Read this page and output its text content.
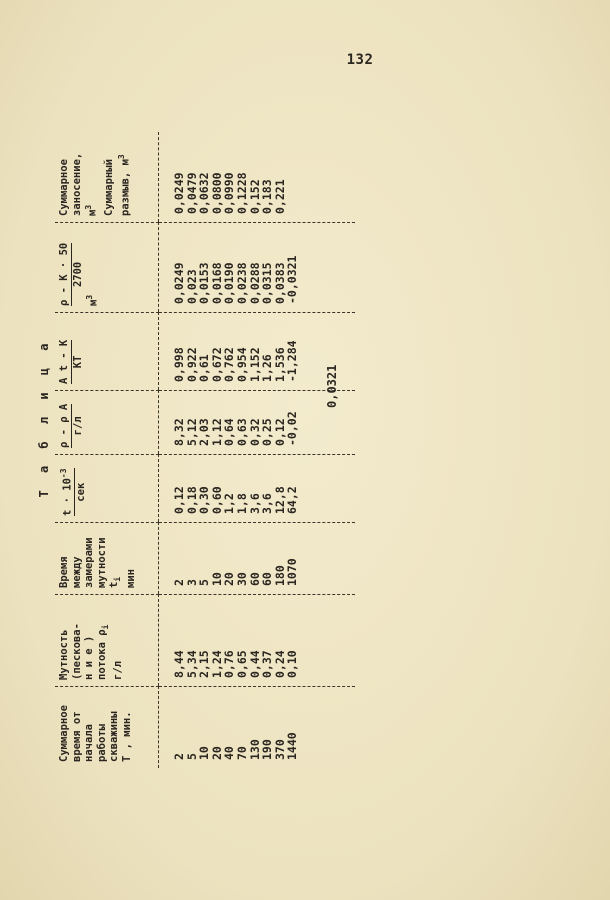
132
Т а б л и ц а
Суммарное время от начала работы скважины T , мин.
Мутность (пескова- н и е ) потока $\rho_i$
г/л
Время между замерами мутности $t_i$ мин
$t \cdot 10^{-3}$
сек
ρ - ρ A г/л
A t - K KT
ρ - K · 50 2700
$м^3$
Суммарное заносение, $м^3$ Суммарный размыв, $м^3$
2
5
10
20
40
70
130
190
370
1440
8,44
5,34
2,15
1,24
0,76
0,65
0,44
0,37
0,24
0,10
2
3
5
10
20
30
60
60
180
1070
0,12
0,18
0,30
0,60
1,2
1,8
3,6
3,6
12,8
64,2
8,32
5,12
2,03
1,12
0,64
0,63
0,32
0,25
0,12
-0,02
0,998
0,922
0,61
0,672
0,762
0,954
1,152
1,26
1,536
-1,284
0,0249
0,023
0,0153
0,0168
0,0190
0,0238
0,0288
0,0315
0,0383
-0,0321
0,0249
0,0479
0,0632
0,0800
0,0990
0,1228
0,152
0,183
0,221
0,0321
